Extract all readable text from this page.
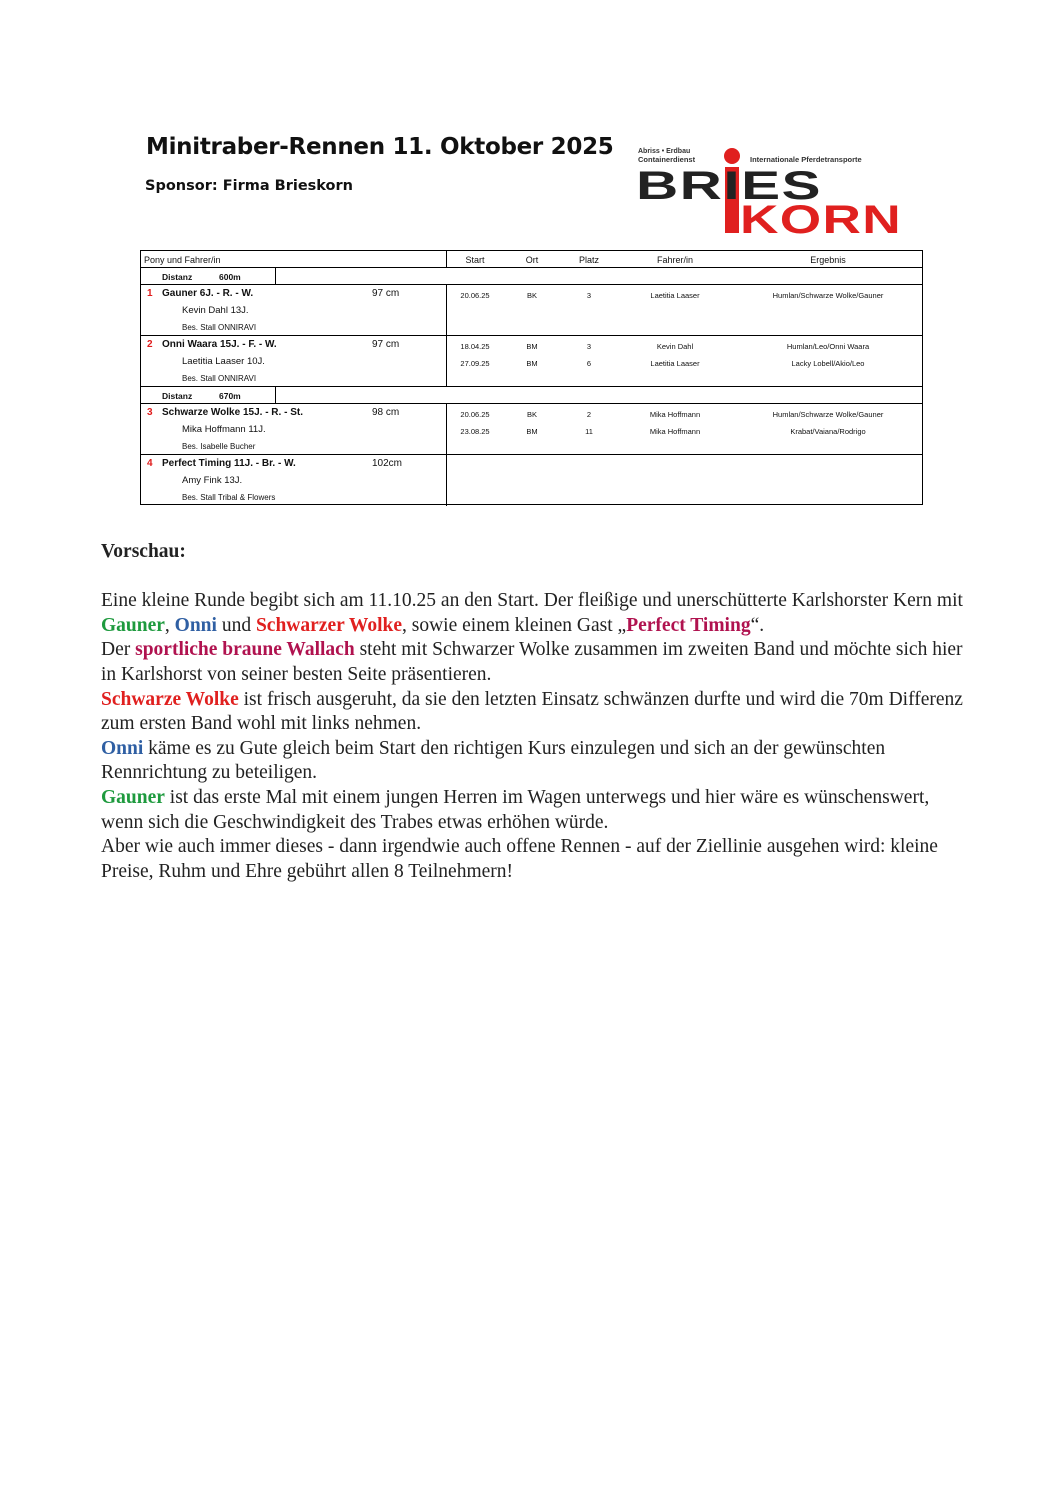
Minitraber-Rennen 11. Oktober 2025
Sponsor: Firma Brieskorn
Abriss • Erdbau
Containerdienst	Internationale Pferdetransporte
BRIES
KORN
Pony und Fahrer/in	Start	Ort	Platz	Fahrer/in	Ergebnis
Distanz	600m
1 Gauner 6J. - R. - W.	97 cm
Kevin Dahl 13J.
Bes. Stall ONNIRAVI
20.06.25	BK	3	Laetitia Laaser	Humlan/Schwarze Wolke/Gauner
2 Onni Waara 15J. - F. - W.	97 cm
Laetitia Laaser 10J.
Bes. Stall ONNIRAVI
18.04.25	BM	3	Kevin Dahl	Humlan/Leo/Onni Waara
27.09.25	BM	6	Laetitia Laaser	Lacky Lobell/Akio/Leo
Distanz	670m
3 Schwarze Wolke 15J. - R. - St.	98 cm
Mika Hoffmann 11J.
Bes. Isabelle Bucher
20.06.25	BK	2	Mika Hoffmann	Humlan/Schwarze Wolke/Gauner
23.08.25	BM	11	Mika Hoffmann	Krabat/Vaiana/Rodrigo
4 Perfect Timing 11J. - Br. - W.	102cm
Amy Fink 13J.
Bes. Stall Tribal & Flowers

Vorschau:

Eine kleine Runde begibt sich am 11.10.25 an den Start. Der fleißige und unerschütterte Karlshorster Kern mit Gauner, Onni und Schwarzer Wolke, sowie einem kleinen Gast „Perfect Timing“.

Der sportliche braune Wallach steht mit Schwarzer Wolke zusammen im zweiten Band und möchte sich hier in Karlshorst von seiner besten Seite präsentieren.

Schwarze Wolke ist frisch ausgeruht, da sie den letzten Einsatz schwänzen durfte und wird die 70m Differenz zum ersten Band wohl mit links nehmen.

Onni käme es zu Gute gleich beim Start den richtigen Kurs einzulegen und sich an der gewünschten Rennrichtung zu beteiligen.

Gauner ist das erste Mal mit einem jungen Herren im Wagen unterwegs und hier wäre es wünschenswert, wenn sich die Geschwindigkeit des Trabes etwas erhöhen würde.

Aber wie auch immer dieses - dann irgendwie auch offene Rennen - auf der Ziellinie ausgehen wird: kleine Preise, Ruhm und Ehre gebührt allen 8 Teilnehmern!
